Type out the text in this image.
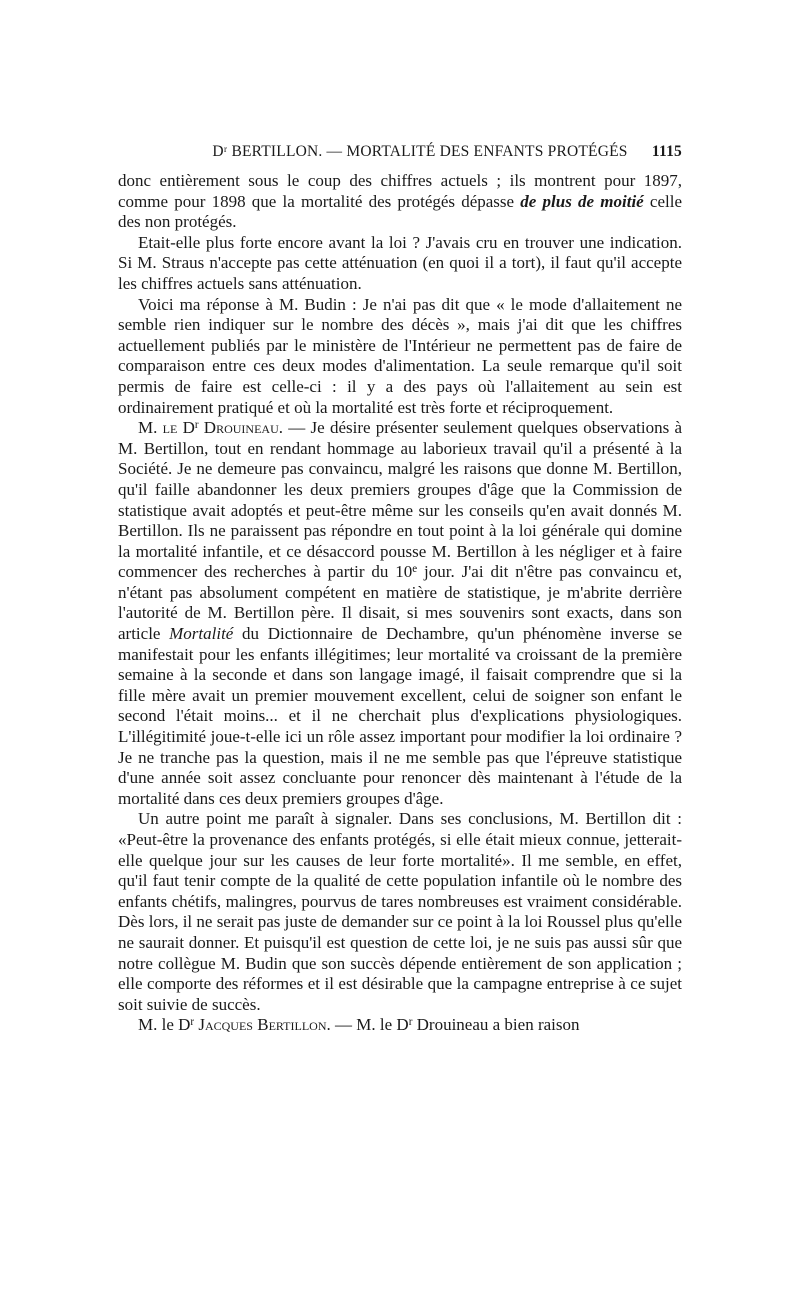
Dʳ BERTILLON. — MORTALITÉ DES ENFANTS PROTÉGÉS	1115

donc entièrement sous le coup des chiffres actuels ; ils montrent pour 1897, comme pour 1898 que la mortalité des protégés dépasse de plus de moitié celle des non protégés.

Etait-elle plus forte encore avant la loi ? J'avais cru en trouver une indication. Si M. Straus n'accepte pas cette atténuation (en quoi il a tort), il faut qu'il accepte les chiffres actuels sans atténuation.

Voici ma réponse à M. Budin : Je n'ai pas dit que « le mode d'allaitement ne semble rien indiquer sur le nombre des décès », mais j'ai dit que les chiffres actuellement publiés par le ministère de l'Intérieur ne permettent pas de faire de comparaison entre ces deux modes d'alimentation. La seule remarque qu'il soit permis de faire est celle-ci : il y a des pays où l'allaitement au sein est ordinairement pratiqué et où la mortalité est très forte et réciproquement.

M. le $D^r$ Drouineau. — Je désire présenter seulement quelques observations à M. Bertillon, tout en rendant hommage au laborieux travail qu'il a présenté à la Société. Je ne demeure pas convaincu, malgré les raisons que donne M. Bertillon, qu'il faille abandonner les deux premiers groupes d'âge que la Commission de statistique avait adoptés et peut-être même sur les conseils qu'en avait donnés M. Bertillon. Ils ne paraissent pas répondre en tout point à la loi générale qui domine la mortalité infantile, et ce désaccord pousse M. Bertillon à les négliger et à faire commencer des recherches à partir du 10e jour. J'ai dit n'être pas convaincu et, n'étant pas absolument compétent en matière de statistique, je m'abrite derrière l'autorité de M. Bertillon père. Il disait, si mes souvenirs sont exacts, dans son article Mortalité du Dictionnaire de Dechambre, qu'un phénomène inverse se manifestait pour les enfants illégitimes; leur mortalité va croissant de la première semaine à la seconde et dans son langage imagé, il faisait comprendre que si la fille mère avait un premier mouvement excellent, celui de soigner son enfant le second l'était moins... et il ne cherchait plus d'explications physiologiques. L'illégitimité joue-t-elle ici un rôle assez important pour modifier la loi ordinaire ? Je ne tranche pas la question, mais il ne me semble pas que l'épreuve statistique d'une année soit assez concluante pour renoncer dès maintenant à l'étude de la mortalité dans ces deux premiers groupes d'âge.

Un autre point me paraît à signaler. Dans ses conclusions, M. Bertillon dit : «Peut-être la provenance des enfants protégés, si elle était mieux connue, jetterait-elle quelque jour sur les causes de leur forte mortalité». Il me semble, en effet, qu'il faut tenir compte de la qualité de cette population infantile où le nombre des enfants chétifs, malingres, pourvus de tares nombreuses est vraiment considérable. Dès lors, il ne serait pas juste de demander sur ce point à la loi Roussel plus qu'elle ne saurait donner. Et puisqu'il est question de cette loi, je ne suis pas aussi sûr que notre collègue M. Budin que son succès dépende entièrement de son application ; elle comporte des réformes et il est désirable que la campagne entreprise à ce sujet soit suivie de succès.

M. le $D^r$ Jacques Bertillon. — M. le $D^r$ Drouineau a bien raison
